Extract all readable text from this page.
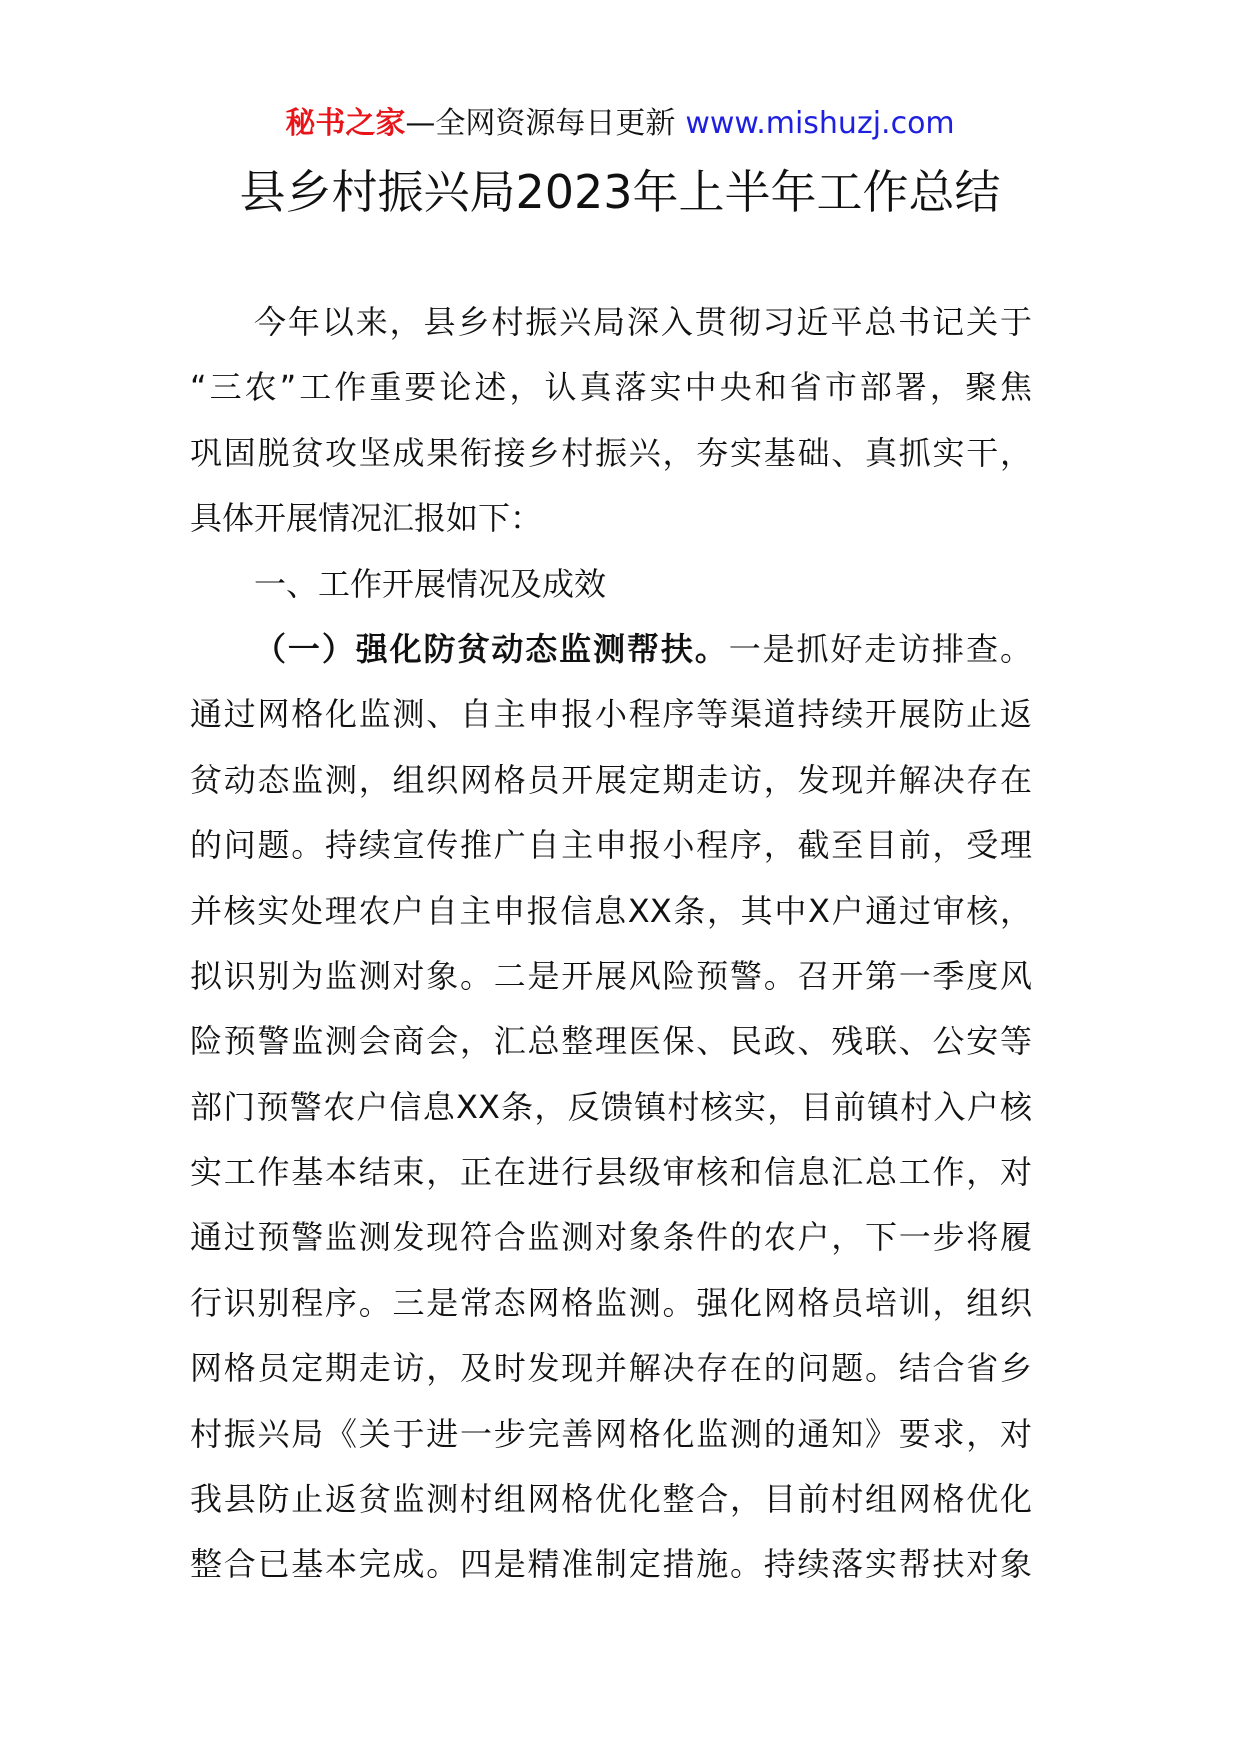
秘书之家—全网资源每日更新 www.mishuzj.com
县乡村振兴局2023年上半年工作总结
今年以来，县乡村振兴局深入贯彻习近平总书记关于
“三农”工作重要论述，认真落实中央和省市部署，聚焦
巩固脱贫攻坚成果衔接乡村振兴，夯实基础、真抓实干，
具体开展情况汇报如下：
一、工作开展情况及成效
（一）强化防贫动态监测帮扶。一是抓好走访排查。
通过网格化监测、自主申报小程序等渠道持续开展防止返
贫动态监测，组织网格员开展定期走访，发现并解决存在
的问题。持续宣传推广自主申报小程序，截至目前，受理
并核实处理农户自主申报信息XX条，其中X户通过审核，
拟识别为监测对象。二是开展风险预警。召开第一季度风
险预警监测会商会，汇总整理医保、民政、残联、公安等
部门预警农户信息XX条，反馈镇村核实，目前镇村入户核
实工作基本结束，正在进行县级审核和信息汇总工作，对
通过预警监测发现符合监测对象条件的农户，下一步将履
行识别程序。三是常态网格监测。强化网格员培训，组织
网格员定期走访，及时发现并解决存在的问题。结合省乡
村振兴局《关于进一步完善网格化监测的通知》要求，对
我县防止返贫监测村组网格优化整合，目前村组网格优化
整合已基本完成。四是精准制定措施。持续落实帮扶对象
